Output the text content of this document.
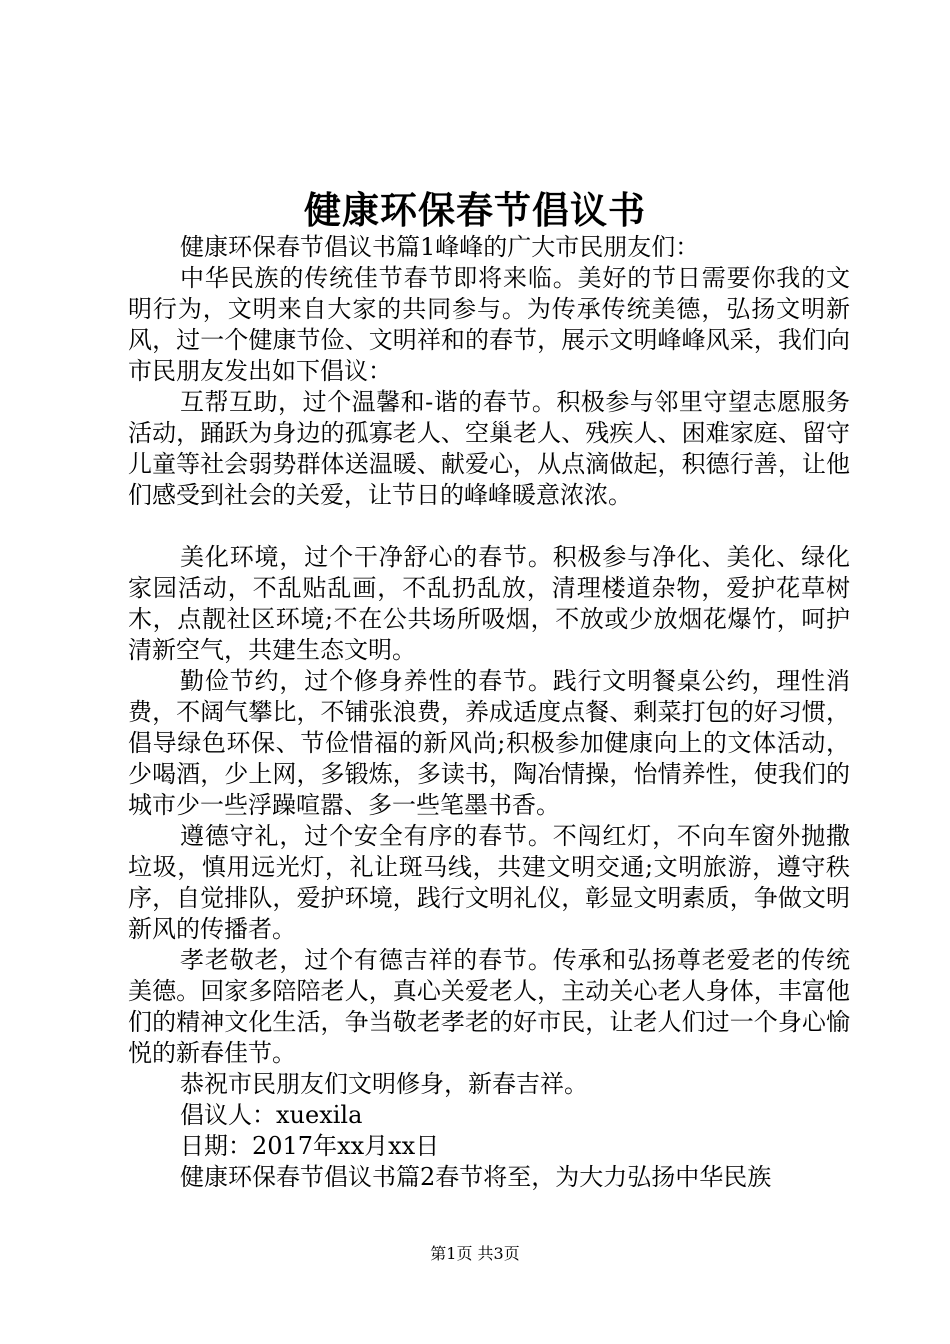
健康环保春节倡议书

健康环保春节倡议书篇1峰峰的广大市民朋友们：

中华民族的传统佳节春节即将来临。美好的节日需要你我的文明行为，文明来自大家的共同参与。为传承传统美德，弘扬文明新风，过一个健康节俭、文明祥和的春节，展示文明峰峰风采，我们向市民朋友发出如下倡议：

互帮互助，过个温馨和-谐的春节。积极参与邻里守望志愿服务活动，踊跃为身边的孤寡老人、空巢老人、残疾人、困难家庭、留守儿童等社会弱势群体送温暖、献爱心，从点滴做起，积德行善，让他们感受到社会的关爱，让节日的峰峰暖意浓浓。

美化环境，过个干净舒心的春节。积极参与净化、美化、绿化家园活动，不乱贴乱画，不乱扔乱放，清理楼道杂物，爱护花草树木，点靓社区环境;不在公共场所吸烟，不放或少放烟花爆竹，呵护清新空气，共建生态文明。

勤俭节约，过个修身养性的春节。践行文明餐桌公约，理性消费，不阔气攀比，不铺张浪费，养成适度点餐、剩菜打包的好习惯，倡导绿色环保、节俭惜福的新风尚;积极参加健康向上的文体活动，少喝酒，少上网，多锻炼，多读书，陶冶情操，怡情养性，使我们的城市少一些浮躁喧嚣、多一些笔墨书香。

遵德守礼，过个安全有序的春节。不闯红灯，不向车窗外抛撒垃圾，慎用远光灯，礼让斑马线，共建文明交通;文明旅游，遵守秩序，自觉排队，爱护环境，践行文明礼仪，彰显文明素质，争做文明新风的传播者。

孝老敬老，过个有德吉祥的春节。传承和弘扬尊老爱老的传统美德。回家多陪陪老人，真心关爱老人，主动关心老人身体，丰富他们的精神文化生活，争当敬老孝老的好市民，让老人们过一个身心愉悦的新春佳节。

恭祝市民朋友们文明修身，新春吉祥。

倡议人：xuexila

日期：2017年xx月xx日

健康环保春节倡议书篇2春节将至，为大力弘扬中华民族

第1页 共3页
